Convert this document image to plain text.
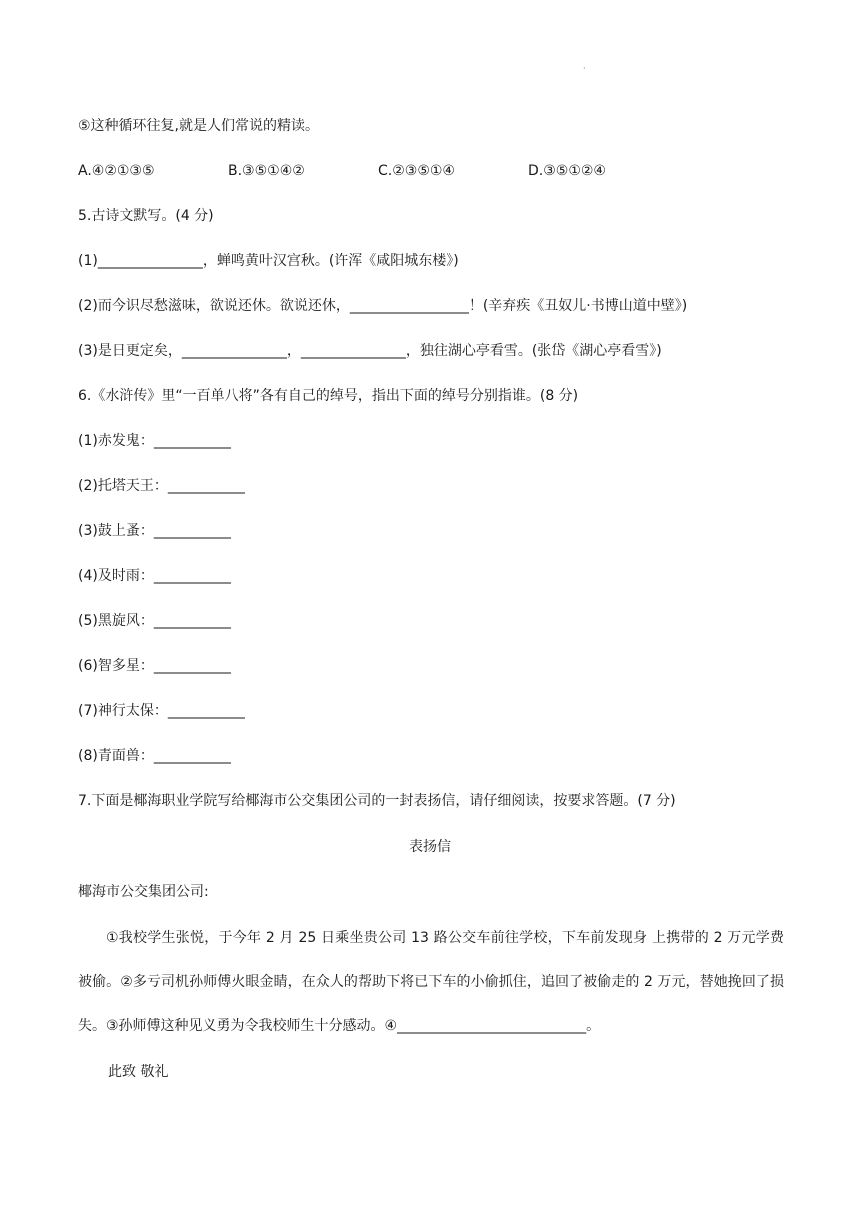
·
⑤这种循环往复,就是人们常说的精读。
A.④②①③⑤	B.③⑤①④②	C.②③⑤①④	D.③⑤①②④
5.古诗文默写。(4 分)
(1)_______________，蝉鸣黄叶汉宫秋。(许浑《咸阳城东楼》)
(2)而今识尽愁滋味，欲说还休。欲说还休，_________________！(辛弃疾《丑奴儿·书博山道中壁》)
(3)是日更定矣，_______________，_______________，独往湖心亭看雪。(张岱《湖心亭看雪》)
6.《水浒传》里“一百单八将”各有自己的绰号，指出下面的绰号分别指谁。(8 分)
(1)赤发鬼：___________
(2)托塔天王：___________
(3)鼓上蚤：___________
(4)及时雨：___________
(5)黑旋风：___________
(6)智多星：___________
(7)神行太保：___________
(8)青面兽：___________
7.下面是椰海职业学院写给椰海市公交集团公司的一封表扬信，请仔细阅读，按要求答题。(7 分)
表扬信
椰海市公交集团公司:
①我校学生张悦，于今年 2 月 25 日乘坐贵公司 13 路公交车前往学校，下车前发现身 上携带的 2 万元学费被偷。②多亏司机孙师傅火眼金睛，在众人的帮助下将已下车的小偷抓住，追回了被偷走的 2 万元，替她挽回了损失。③孙师傅这种见义勇为令我校师生十分感动。④___________________________。
此致 敬礼
